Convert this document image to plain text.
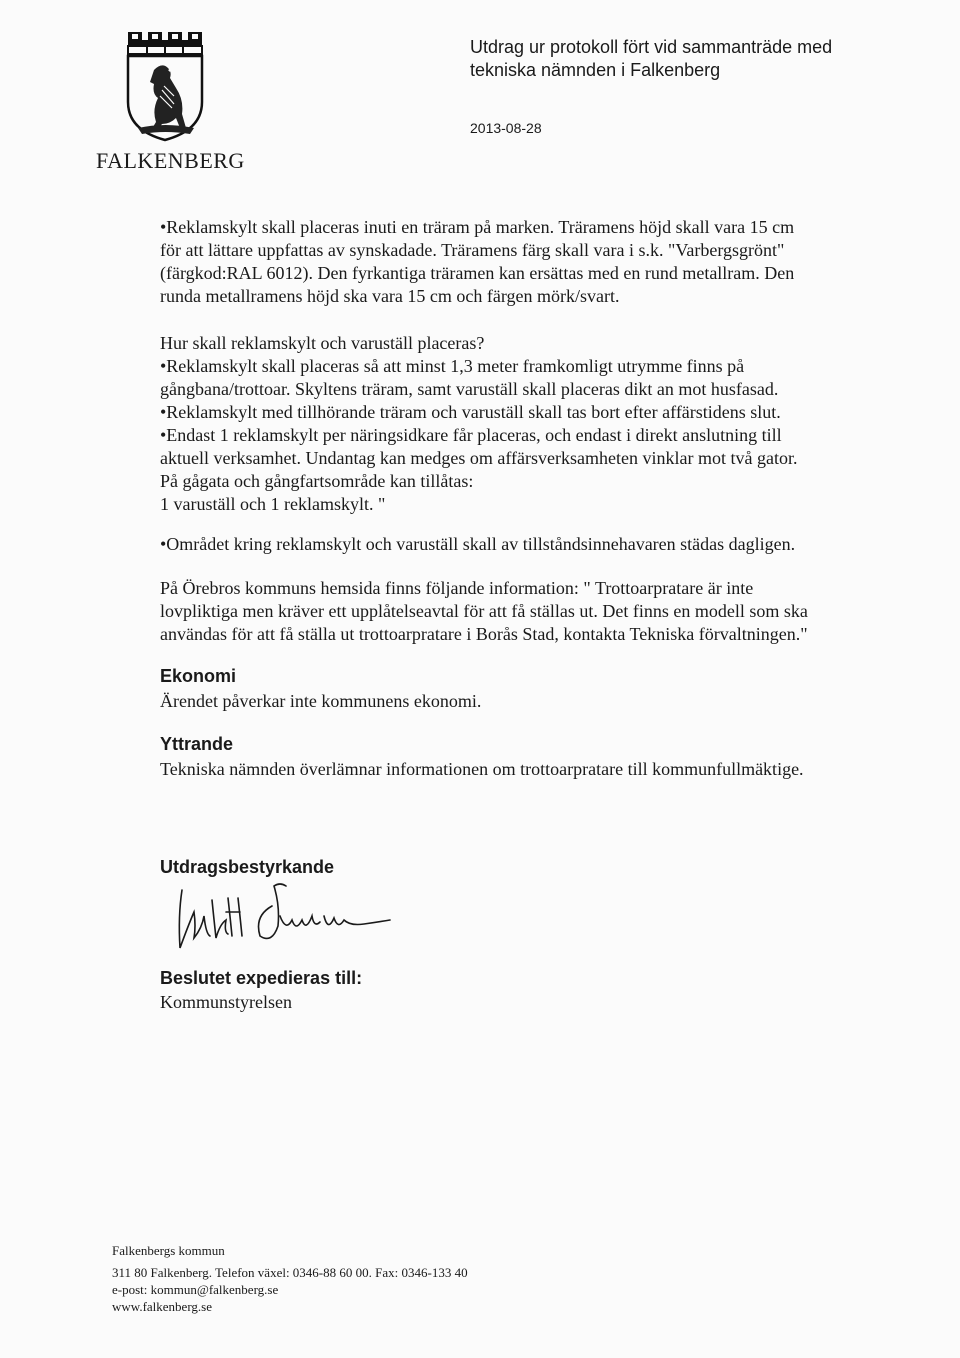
FALKENBERG
Utdrag ur protokoll fört vid sammanträde med
tekniska nämnden i Falkenberg
2013-08-28

•Reklamskylt skall placeras inuti en träram på marken. Träramens höjd skall vara 15 cm

för att lättare uppfattas av synskadade. Träramens färg skall vara i s.k. "Varbergsgrönt"

(färgkod:RAL 6012). Den fyrkantiga träramen kan ersättas med en rund metallram. Den

runda metallramens höjd ska vara 15 cm och färgen mörk/svart.

Hur skall reklamskylt och varuställ placeras?

•Reklamskylt skall placeras så att minst 1,3 meter framkomligt utrymme finns på

gångbana/trottoar. Skyltens träram, samt varuställ skall placeras dikt an mot husfasad.

•Reklamskylt med tillhörande träram och varuställ skall tas bort efter affärstidens slut.

•Endast 1 reklamskylt per näringsidkare får placeras, och endast i direkt anslutning till

aktuell verksamhet. Undantag kan medges om affärsverksamheten vinklar mot två gator.

På gågata och gångfartsområde kan tillåtas:

1 varuställ och 1 reklamskylt. "

•Området kring reklamskylt och varuställ skall av tillståndsinnehavaren städas dagligen.

På Örebros kommuns hemsida finns följande information: " Trottoarpratare är inte

lovpliktiga men kräver ett upplåtelseavtal för att få ställas ut. Det finns en modell som ska

användas för att få ställa ut trottoarpratare i Borås Stad, kontakta Tekniska förvaltningen."

Ekonomi

Ärendet påverkar inte kommunens ekonomi.

Yttrande

Tekniska nämnden överlämnar informationen om trottoarpratare till kommunfullmäktige.

Utdragsbestyrkande
Beslutet expedieras till:

Kommunstyrelsen

Falkenbergs kommun

311 80 Falkenberg. Telefon växel: 0346-88 60 00. Fax: 0346-133 40

e-post: kommun@falkenberg.se

www.falkenberg.se
